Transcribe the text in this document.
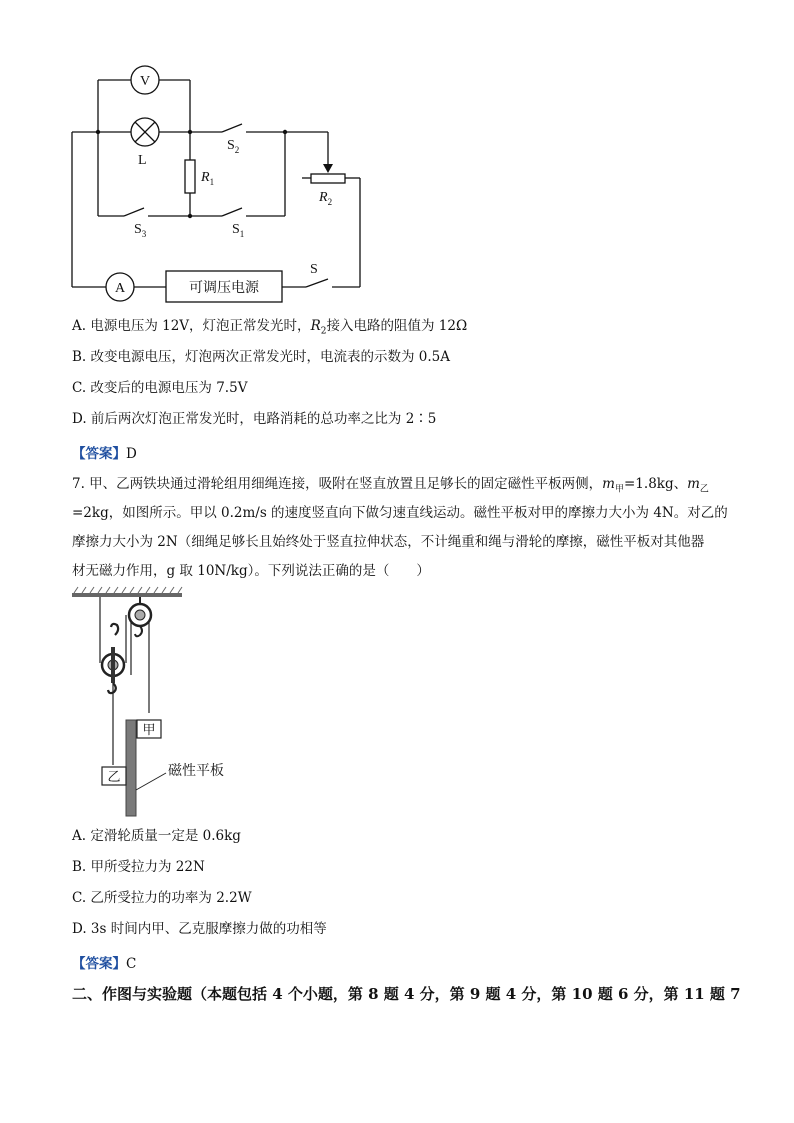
V
L
$R_1$
$R_2$
$S_2$
$S_3$	$S_1$
S
A	可调压电源
A. 电源电压为 12V，灯泡正常发光时，$R_2$接入电路的阻值为 12Ω
B. 改变电源电压，灯泡两次正常发光时，电流表的示数为 0.5A
C. 改变后的电源电压为 7.5V
D. 前后两次灯泡正常发光时，电路消耗的总功率之比为 2∶5
【答案】D
7. 甲、乙两铁块通过滑轮组用细绳连接，吸附在竖直放置且足够长的固定磁性平板两侧，$m_甲=1.8kg$、$m_乙$
=2kg，如图所示。甲以 0.2m/s 的速度竖直向下做匀速直线运动。磁性平板对甲的摩擦力大小为 4N。对乙的
摩擦力大小为 2N（细绳足够长且始终处于竖直拉伸状态，不计绳重和绳与滑轮的摩擦，磁性平板对其他器
材无磁力作用，g 取 10N/kg）。下列说法正确的是（　　）
甲
乙	磁性平板
A. 定滑轮质量一定是 0.6kg
B. 甲所受拉力为 22N
C. 乙所受拉力的功率为 2.2W
D. 3s 时间内甲、乙克服摩擦力做的功相等
【答案】C
二、作图与实验题（本题包括 4 个小题，第 8 题 4 分，第 9 题 4 分，第 10 题 6 分，第 11 题 7
